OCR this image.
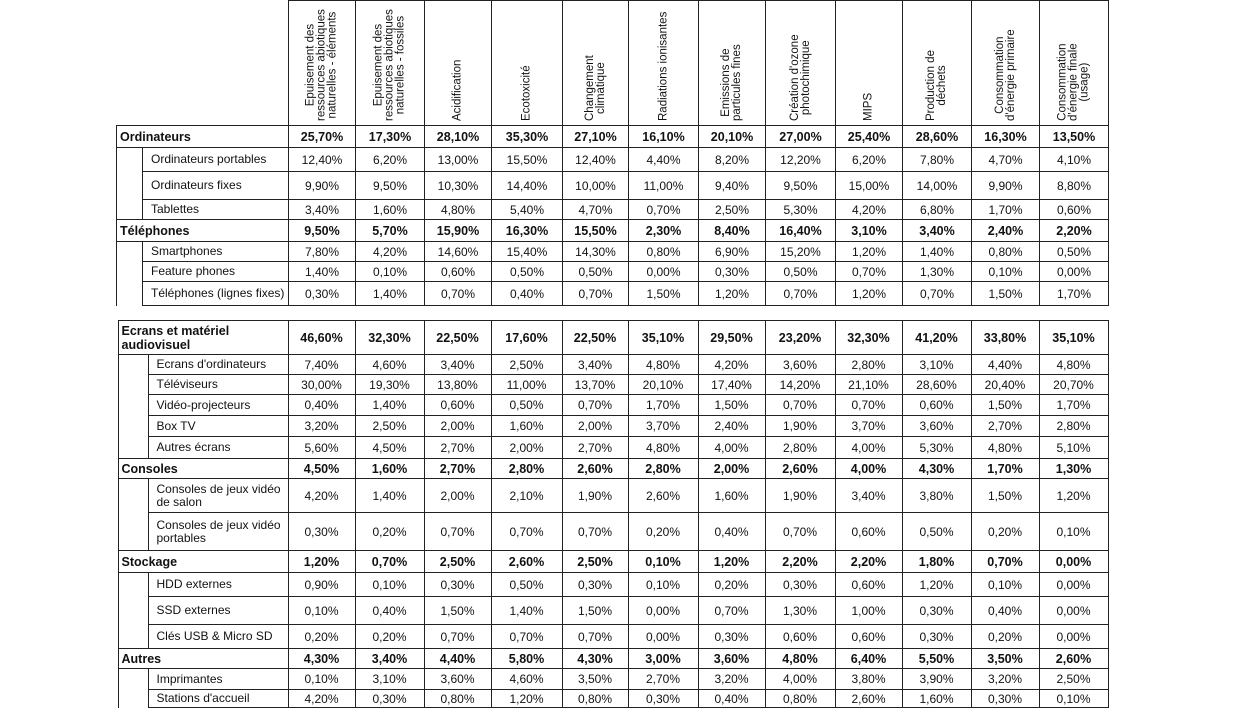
		Epuisement des
ressources abiotiques
naturelles - éléments	Epuisement des
ressources abiotiques
naturelles - fossiles	Acidification	Ecotoxicité	Changement
climatique	Radiations ionisantes	Emissions de
particules fines	Création d'ozone
photochimique	MIPS	Production de
déchets	Consommation
d'énergie primaire	Consommation
d'énergie finale
(usage)

Ordinateurs		25,70%	17,30%	28,10%	35,30%	27,10%	16,10%	20,10%	27,00%	25,40%	28,60%	16,30%	13,50%
	Ordinateurs portables	12,40%	6,20%	13,00%	15,50%	12,40%	4,40%	8,20%	12,20%	6,20%	7,80%	4,70%	4,10%
	Ordinateurs fixes	9,90%	9,50%	10,30%	14,40%	10,00%	11,00%	9,40%	9,50%	15,00%	14,00%	9,90%	8,80%
	Tablettes	3,40%	1,60%	4,80%	5,40%	4,70%	0,70%	2,50%	5,30%	4,20%	6,80%	1,70%	0,60%
Téléphones		9,50%	5,70%	15,90%	16,30%	15,50%	2,30%	8,40%	16,40%	3,10%	3,40%	2,40%	2,20%
	Smartphones	7,80%	4,20%	14,60%	15,40%	14,30%	0,80%	6,90%	15,20%	1,20%	1,40%	0,80%	0,50%
	Feature phones	1,40%	0,10%	0,60%	0,50%	0,50%	0,00%	0,30%	0,50%	0,70%	1,30%	0,10%	0,00%
	Téléphones (lignes fixes)	0,30%	1,40%	0,70%	0,40%	0,70%	1,50%	1,20%	0,70%	1,20%	0,70%	1,50%	1,70%
	Ecrans et matériel audiovisuel		46,60%	32,30%	22,50%	17,60%	22,50%	35,10%	29,50%	23,20%	32,30%	41,20%	33,80%	35,10%
		Ecrans d'ordinateurs	7,40%	4,60%	3,40%	2,50%	3,40%	4,80%	4,20%	3,60%	2,80%	3,10%	4,40%	4,80%
		Téléviseurs	30,00%	19,30%	13,80%	11,00%	13,70%	20,10%	17,40%	14,20%	21,10%	28,60%	20,40%	20,70%
		Vidéo-projecteurs	0,40%	1,40%	0,60%	0,50%	0,70%	1,70%	1,50%	0,70%	0,70%	0,60%	1,50%	1,70%
		Box TV	3,20%	2,50%	2,00%	1,60%	2,00%	3,70%	2,40%	1,90%	3,70%	3,60%	2,70%	2,80%
		Autres écrans	5,60%	4,50%	2,70%	2,00%	2,70%	4,80%	4,00%	2,80%	4,00%	5,30%	4,80%	5,10%
	Consoles		4,50%	1,60%	2,70%	2,80%	2,60%	2,80%	2,00%	2,60%	4,00%	4,30%	1,70%	1,30%
		Consoles de jeux vidéo de salon	4,20%	1,40%	2,00%	2,10%	1,90%	2,60%	1,60%	1,90%	3,40%	3,80%	1,50%	1,20%
		Consoles de jeux vidéo portables	0,30%	0,20%	0,70%	0,70%	0,70%	0,20%	0,40%	0,70%	0,60%	0,50%	0,20%	0,10%
	Stockage		1,20%	0,70%	2,50%	2,60%	2,50%	0,10%	1,20%	2,20%	2,20%	1,80%	0,70%	0,00%
		HDD externes	0,90%	0,10%	0,30%	0,50%	0,30%	0,10%	0,20%	0,30%	0,60%	1,20%	0,10%	0,00%
		SSD externes	0,10%	0,40%	1,50%	1,40%	1,50%	0,00%	0,70%	1,30%	1,00%	0,30%	0,40%	0,00%
		Clés USB & Micro SD	0,20%	0,20%	0,70%	0,70%	0,70%	0,00%	0,30%	0,60%	0,60%	0,30%	0,20%	0,00%
	Autres		4,30%	3,40%	4,40%	5,80%	4,30%	3,00%	3,60%	4,80%	6,40%	5,50%	3,50%	2,60%
		Imprimantes	0,10%	3,10%	3,60%	4,60%	3,50%	2,70%	3,20%	4,00%	3,80%	3,90%	3,20%	2,50%
		Stations d'accueil	4,20%	0,30%	0,80%	1,20%	0,80%	0,30%	0,40%	0,80%	2,60%	1,60%	0,30%	0,10%
